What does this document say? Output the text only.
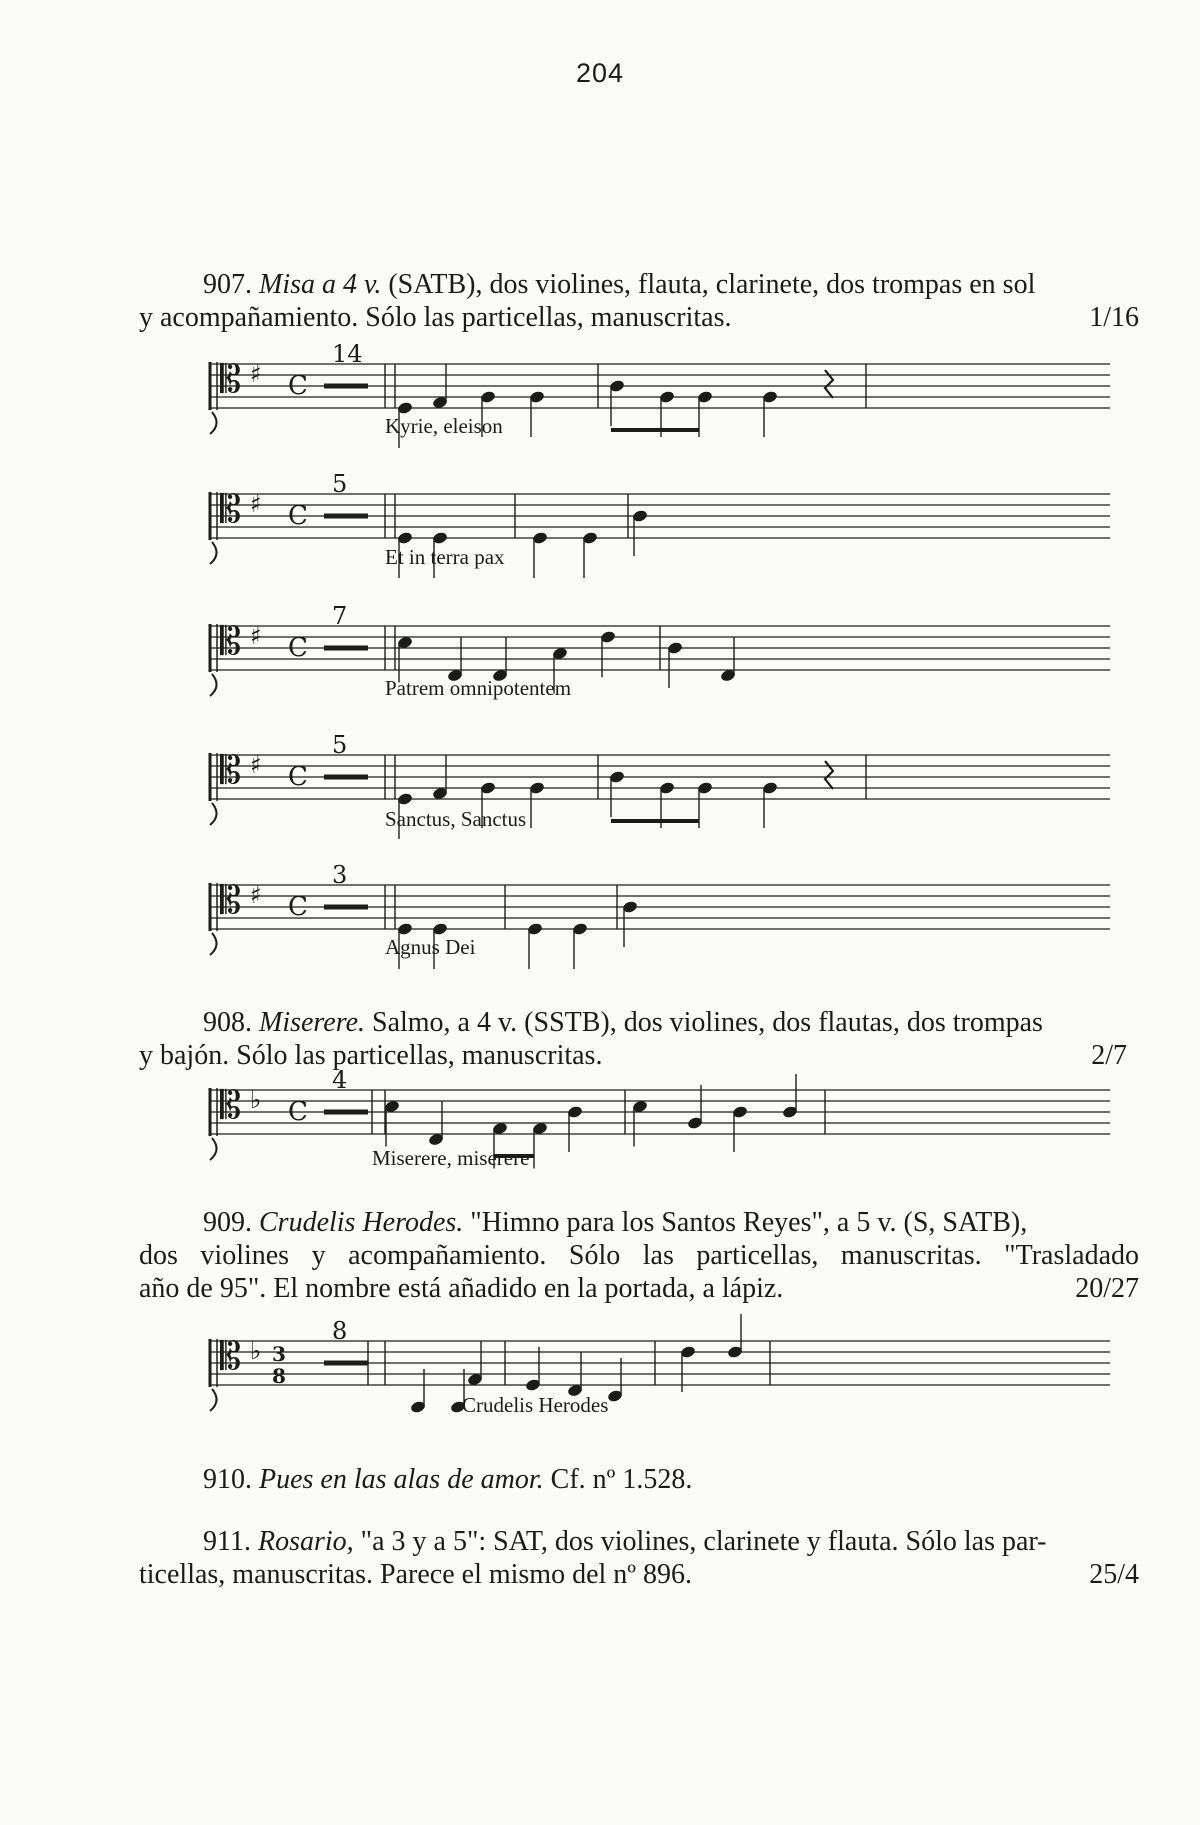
204

907. Misa a 4 v. (SATB), dos violines, flauta, clarinete, dos trompas en sol

y acompañamiento. Sólo las particellas, manuscritas.	1/16
𝄡 ♯ C
14
Kyrie, eleison
𝄡 ♯ C
5
Et in terra pax
𝄡 ♯ C
7
Patrem omnipotentem
𝄡 ♯ C
5
Sanctus, Sanctus
𝄡 ♯ C
3
Agnus Dei

908. Miserere. Salmo, a 4 v. (SSTB), dos violines, dos flautas, dos trompas

y bajón. Sólo las particellas, manuscritas.	2/7
𝄡 ♭ C
4
Miserere, miserere

909. Crudelis Herodes. "Himno para los Santos Reyes", a 5 v. (S, SATB),

dos violines y acompañamiento. Sólo las particellas, manuscritas. "Trasladado

año de 95". El nombre está añadido en la portada, a lápiz.	20/27
𝄡 ♭ 3
8
8
Crudelis Herodes

910. Pues en las alas de amor. Cf. nº 1.528.

911. Rosario, "a 3 y a 5": SAT, dos violines, clarinete y flauta. Sólo las par-

ticellas, manuscritas. Parece el mismo del nº 896.	25/4
